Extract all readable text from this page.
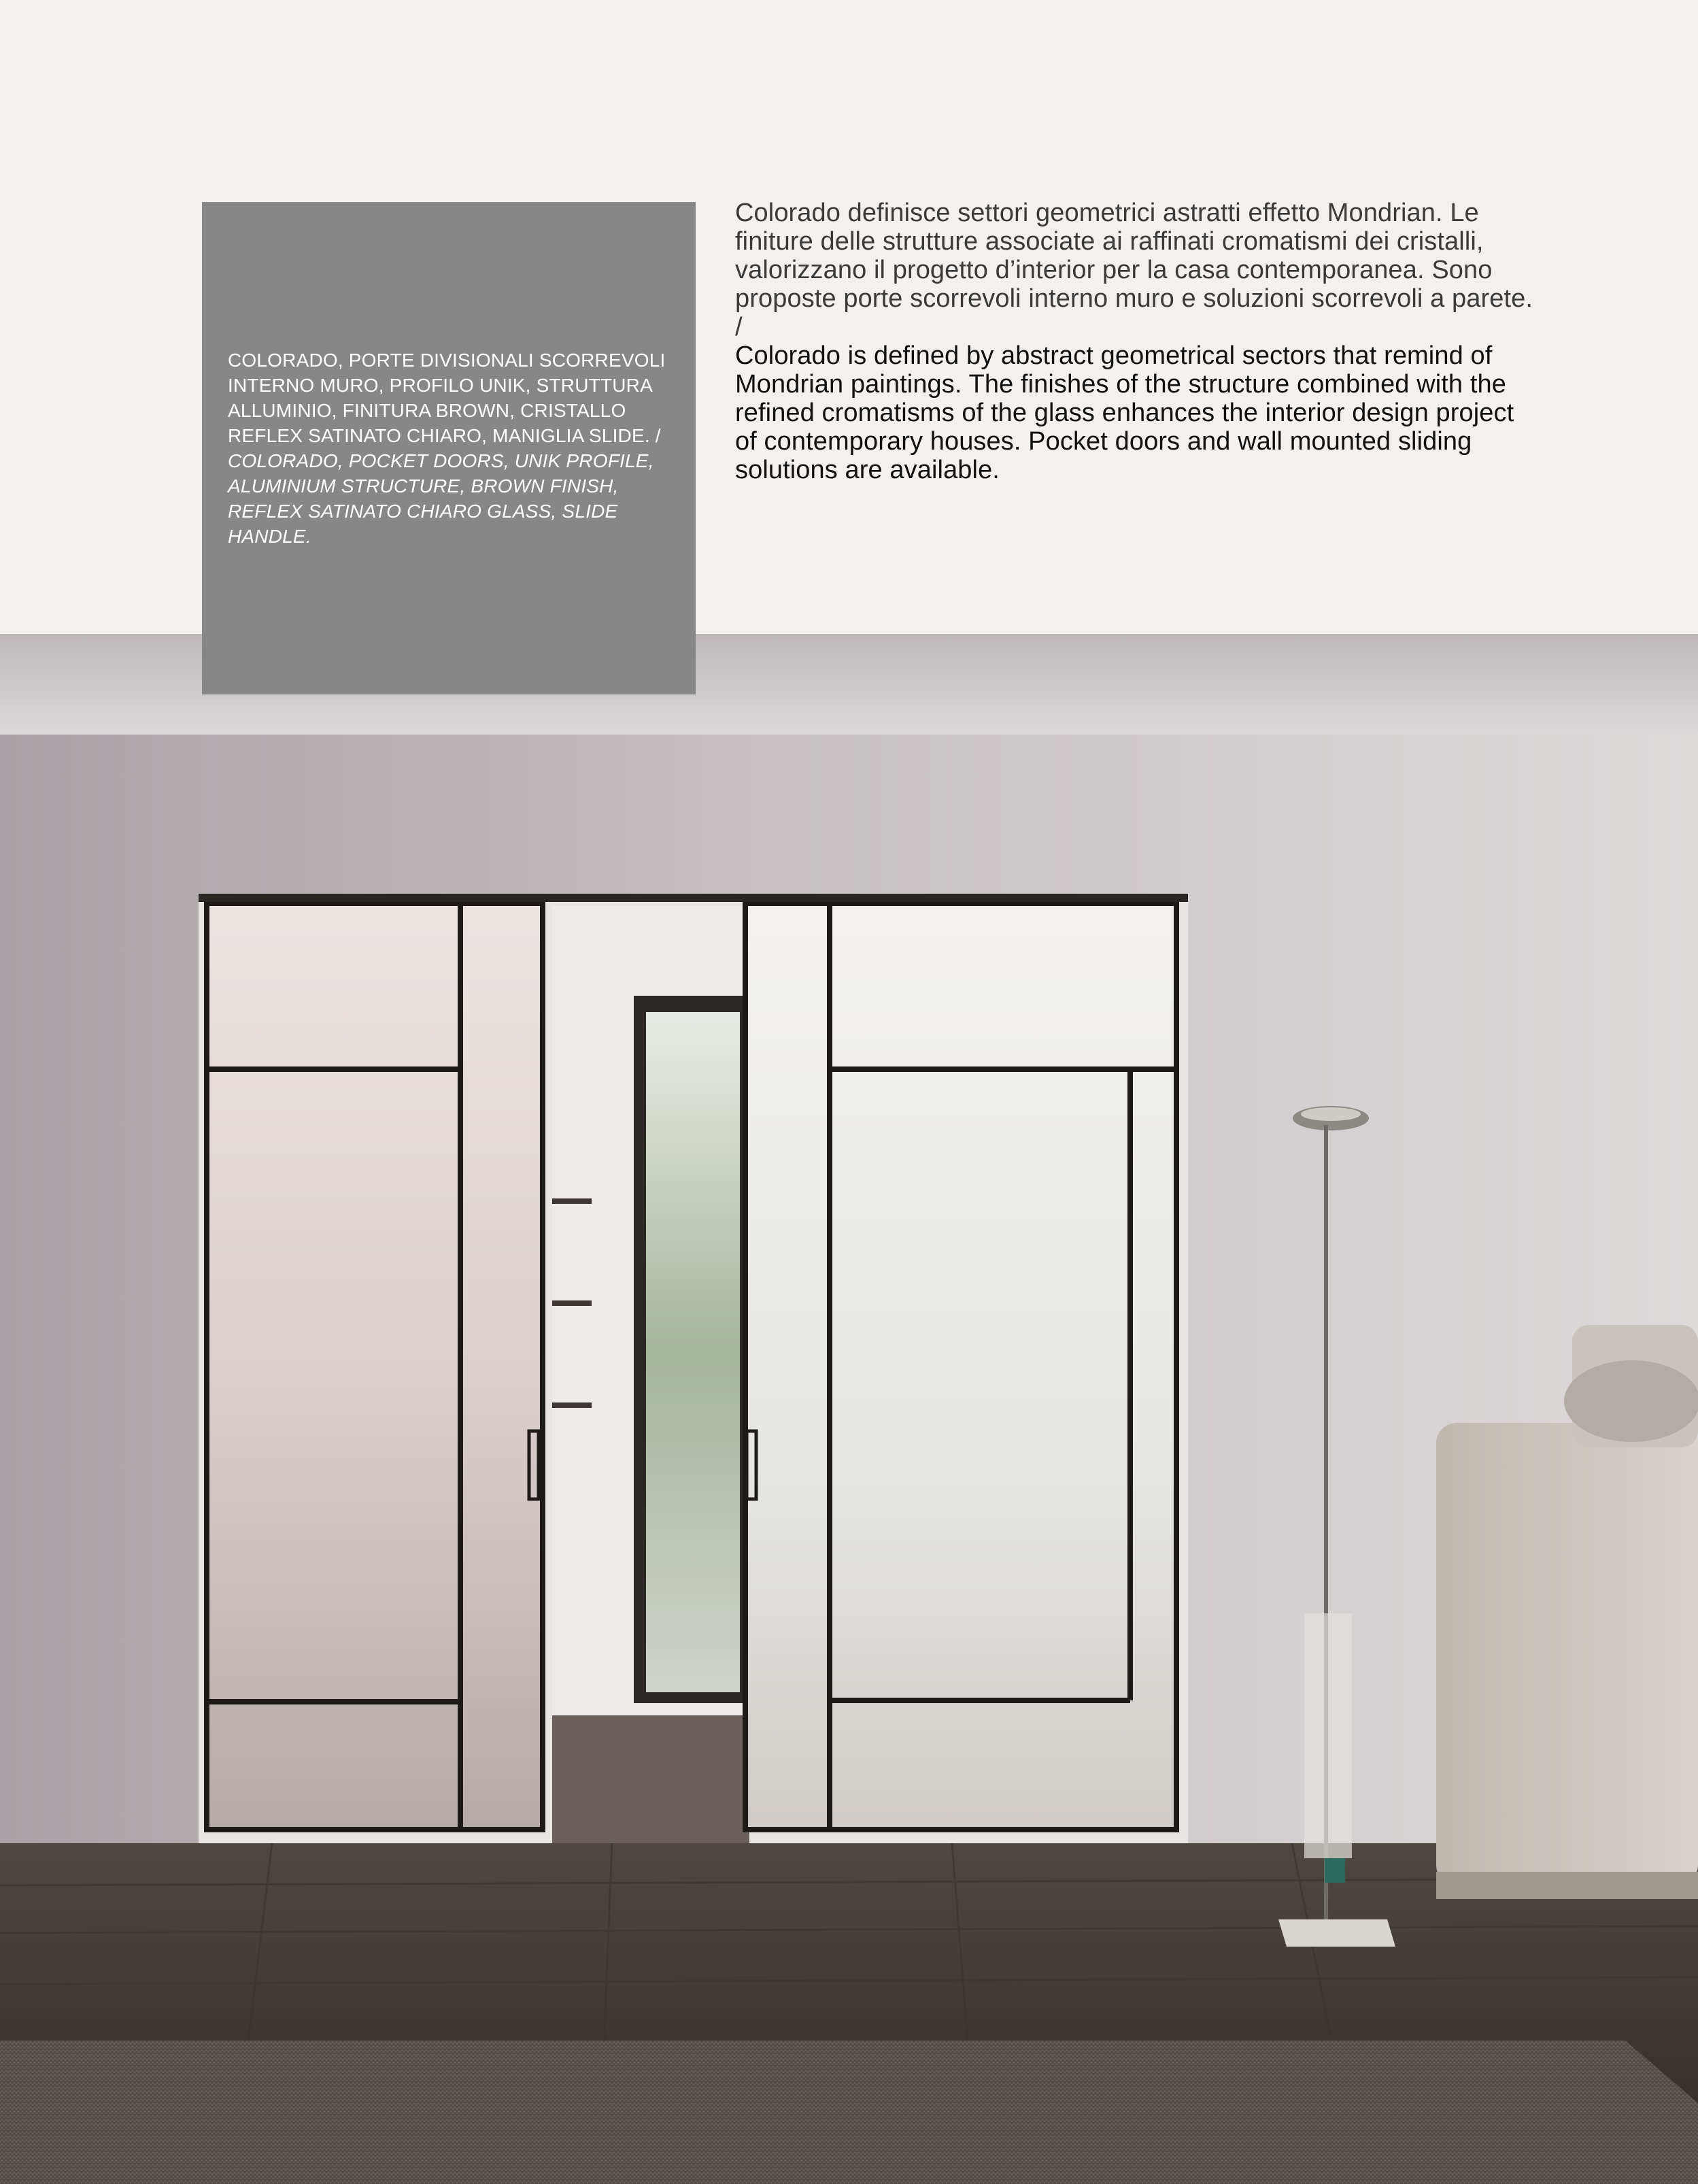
COLORADO, PORTE DIVISIONALI SCORREVOLI INTERNO MURO, PROFILO UNIK, STRUTTURA ALLUMINIO, FINITURA BROWN, CRISTALLO REFLEX SATINATO CHIARO, MANIGLIA SLIDE. /

COLORADO, POCKET DOORS, UNIK PROFILE, ALUMINIUM STRUCTURE, BROWN FINISH, REFLEX SATINATO CHIARO GLASS, SLIDE HANDLE.

Colorado definisce settori geometrici astratti effetto Mondrian. Le finiture delle strutture associate ai raffinati cromatismi dei cristalli, valorizzano il progetto d’interior per la casa contemporanea. Sono proposte porte scorrevoli interno muro e soluzioni scorrevoli a parete. /

Colorado is defined by abstract geometrical sectors that remind of Mondrian paintings. The finishes of the structure combined with the refined cromatisms of the glass enhances the interior design project of contemporary houses. Pocket doors and wall mounted sliding solutions are available.
